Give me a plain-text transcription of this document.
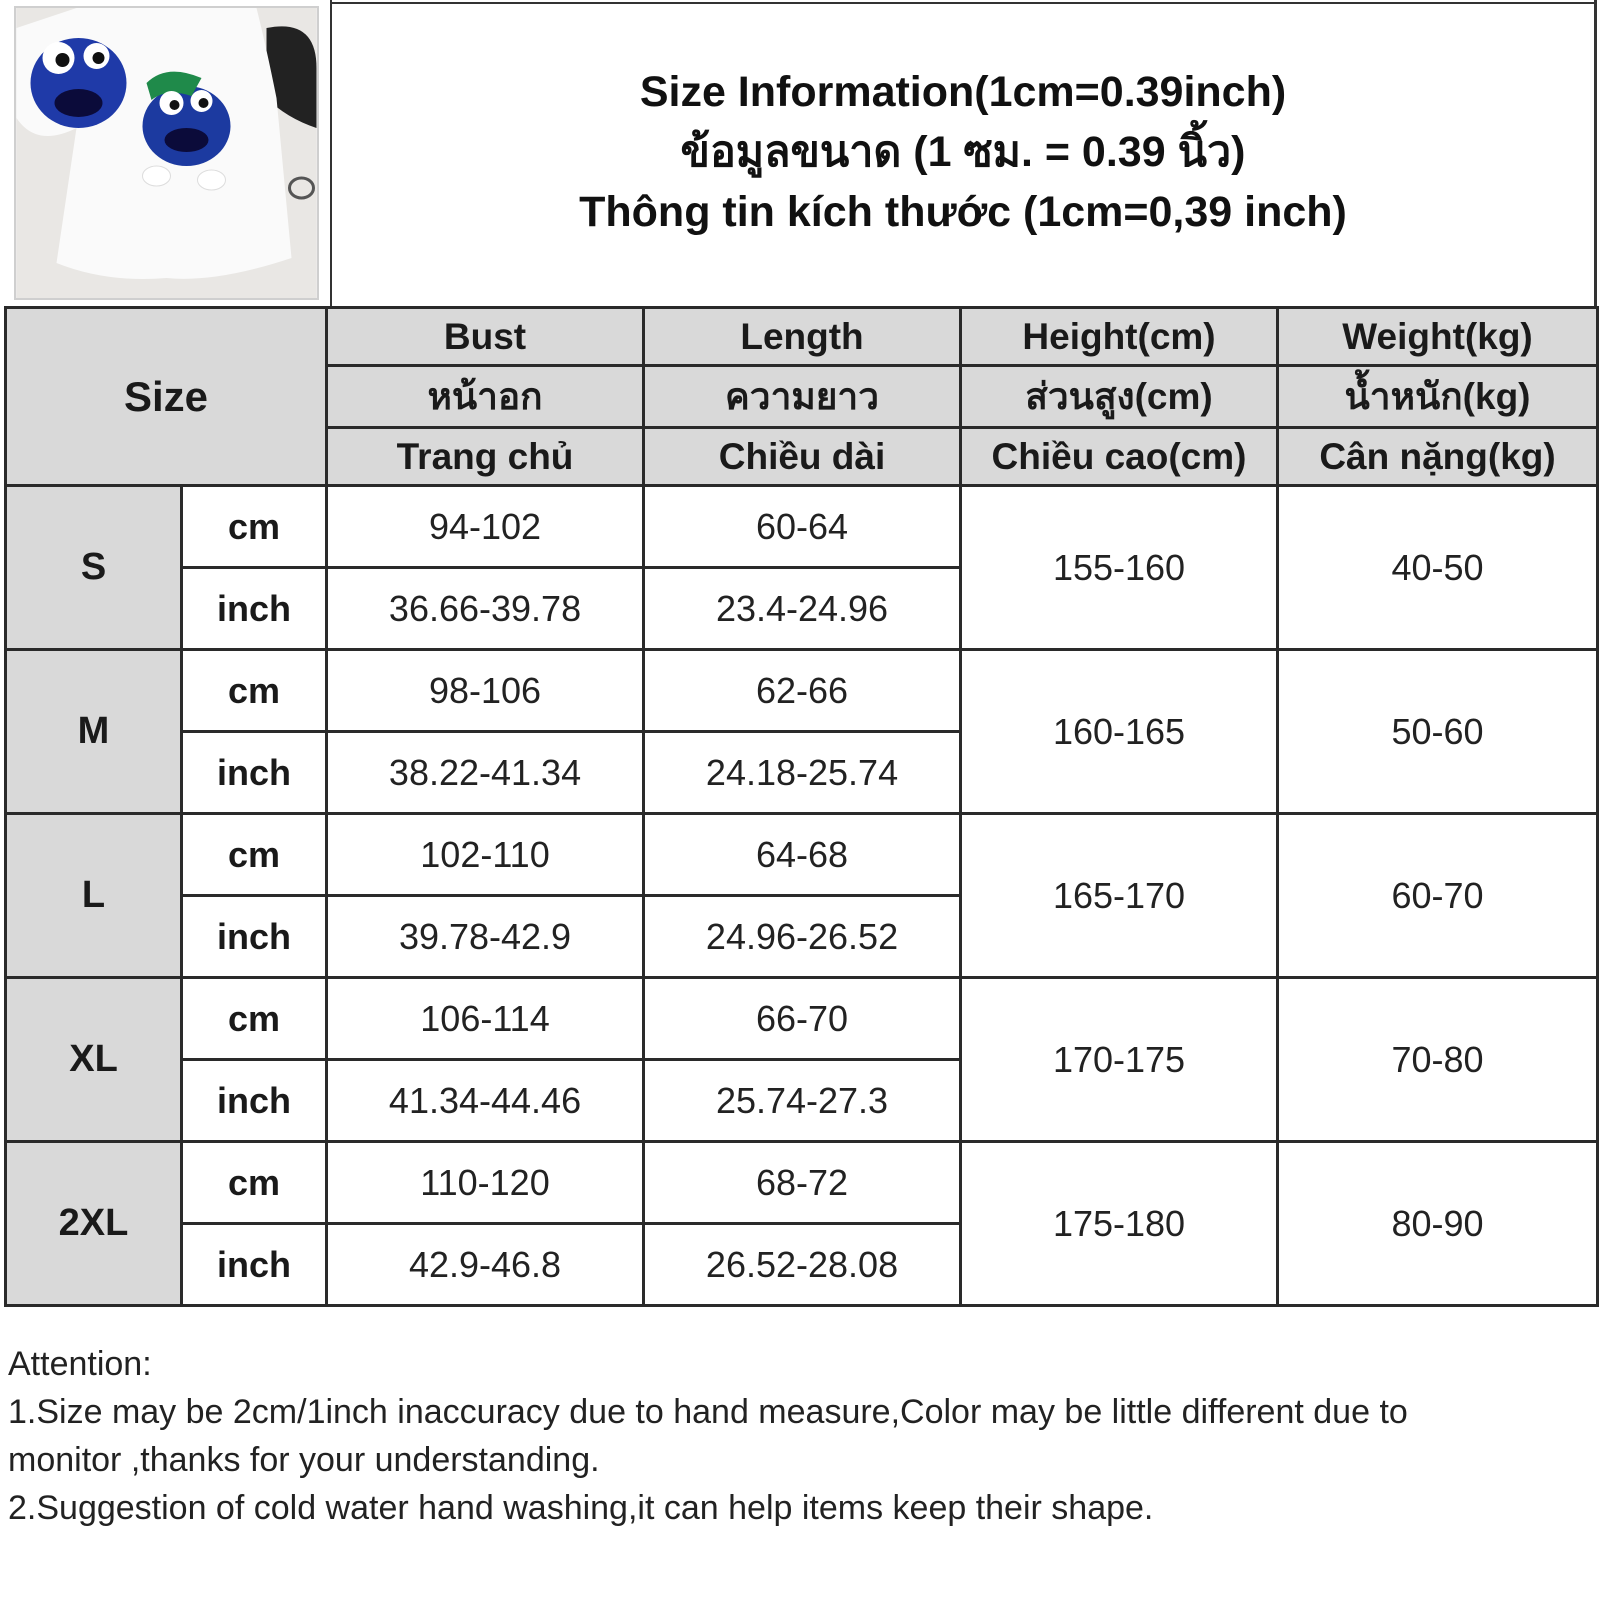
Size Information(1cm=0.39inch)
ข้อมูลขนาด (1 ซม. = 0.39 นิ้ว)
Thông tin kích thước (1cm=0,39 inch)
Size		Bust	Length	Height(cm)	Weight(kg)
		หน้าอก	ความยาว	ส่วนสูง(cm)	น้ำหนัก(kg)
		Trang chủ	Chiều dài	Chiều cao(cm)	Cân nặng(kg)
S	cm	94-102	60-64	155-160	40-50
	inch	36.66-39.78	23.4-24.96		
M	cm	98-106	62-66	160-165	50-60
	inch	38.22-41.34	24.18-25.74		
L	cm	102-110	64-68	165-170	60-70
	inch	39.78-42.9	24.96-26.52		
XL	cm	106-114	66-70	170-175	70-80
	inch	41.34-44.46	25.74-27.3		
2XL	cm	110-120	68-72	175-180	80-90
	inch	42.9-46.8	26.52-28.08		
Attention:
1.Size may be 2cm/1inch inaccuracy due to hand measure,Color may be little different due to
monitor ,thanks for your understanding.
2.Suggestion of cold water hand washing,it can help items keep their shape.
